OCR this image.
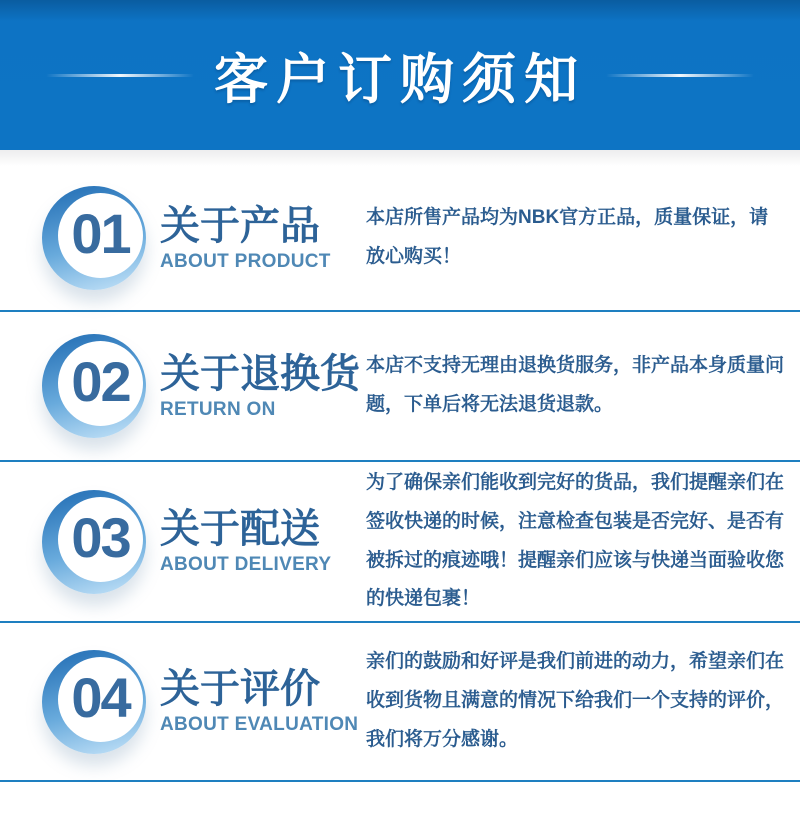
客户订购须知
01 关于产品
ABOUT PRODUCT
本店所售产品均为NBK官方正品，质量保证，请放心购买！
02 关于退换货
RETURN ON
本店不支持无理由退换货服务，非产品本身质量问题，下单后将无法退货退款。
03 关于配送
ABOUT DELIVERY
为了确保亲们能收到完好的货品，我们提醒亲们在签收快递的时候，注意检查包装是否完好、是否有被拆过的痕迹哦！提醒亲们应该与快递当面验收您的快递包裹！
04 关于评价
ABOUT EVALUATION
亲们的鼓励和好评是我们前进的动力，希望亲们在收到货物且满意的情况下给我们一个支持的评价，我们将万分感谢。
